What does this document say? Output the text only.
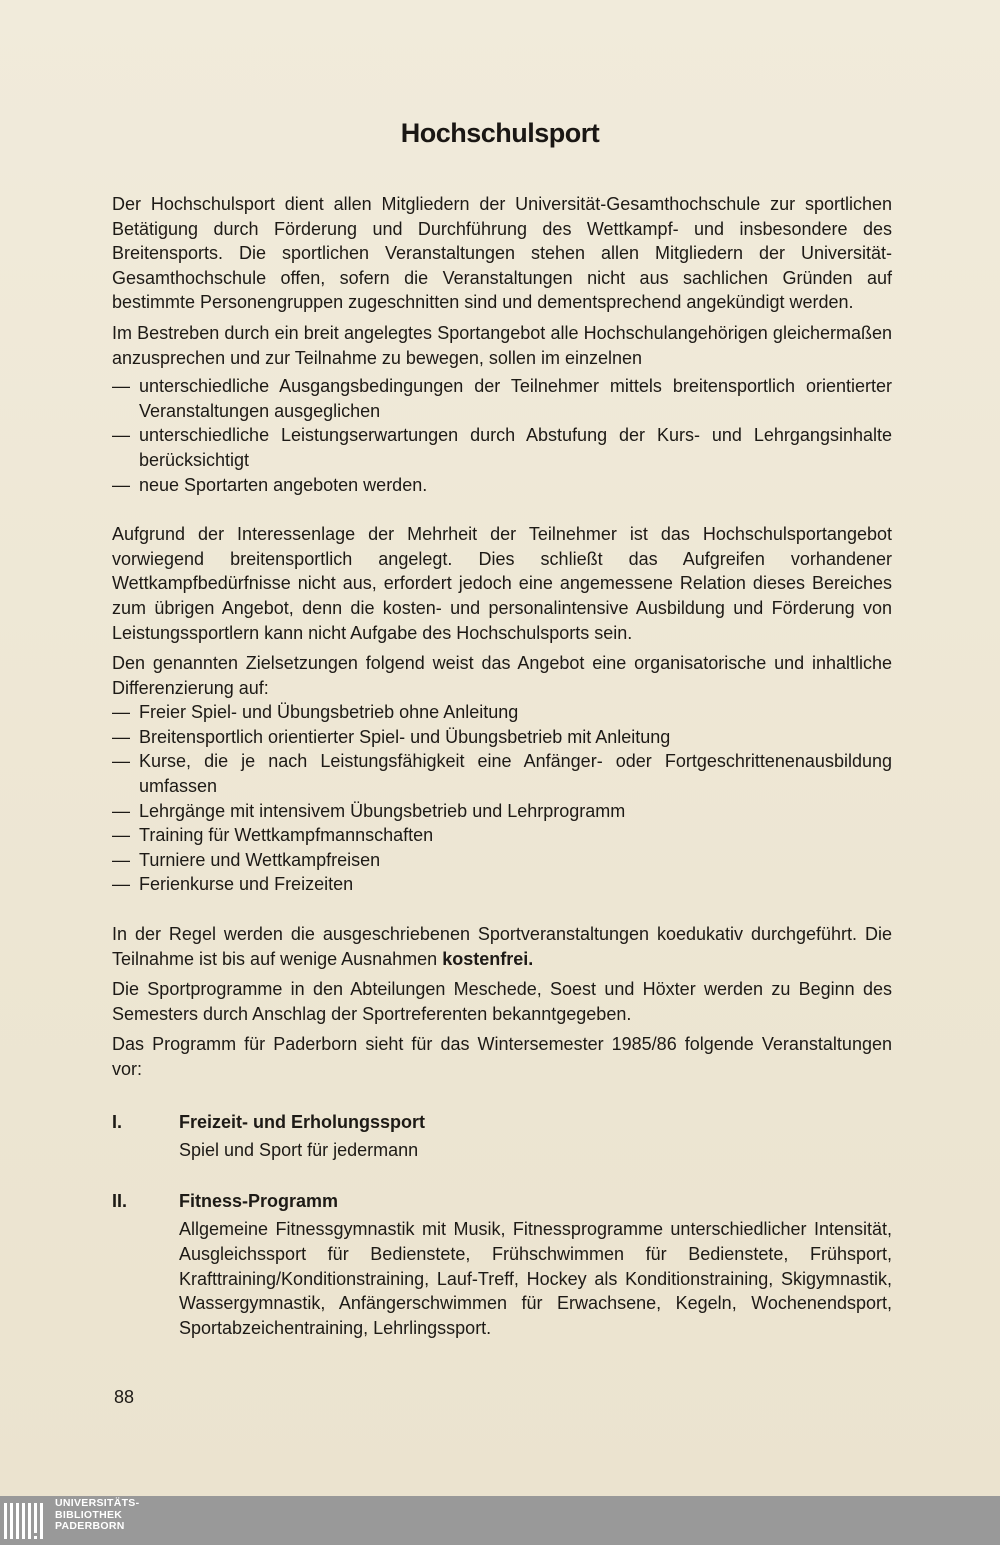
Hochschulsport

Der Hochschulsport dient allen Mitgliedern der Universität-Gesamthochschule zur sportlichen Betätigung durch Förderung und Durchführung des Wettkampf- und insbesondere des Breitensports. Die sportlichen Veranstaltungen stehen allen Mitgliedern der Universität-Gesamthochschule offen, sofern die Veranstaltungen nicht aus sachlichen Gründen auf bestimmte Personengruppen zugeschnitten sind und dementsprechend angekündigt werden.

Im Bestreben durch ein breit angelegtes Sportangebot alle Hochschulangehörigen gleichermaßen anzusprechen und zur Teilnahme zu bewegen, sollen im einzelnen

— unterschiedliche Ausgangsbedingungen der Teilnehmer mittels breitensportlich orientierter Veranstaltungen ausgeglichen
— unterschiedliche Leistungserwartungen durch Abstufung der Kurs- und Lehrgangsinhalte berücksichtigt
— neue Sportarten angeboten werden.

Aufgrund der Interessenlage der Mehrheit der Teilnehmer ist das Hochschulsportangebot vorwiegend breitensportlich angelegt. Dies schließt das Aufgreifen vorhandener Wettkampfbedürfnisse nicht aus, erfordert jedoch eine angemessene Relation dieses Bereiches zum übrigen Angebot, denn die kosten- und personalintensive Ausbildung und Förderung von Leistungssportlern kann nicht Aufgabe des Hochschulsports sein.

Den genannten Zielsetzungen folgend weist das Angebot eine organisatorische und inhaltliche Differenzierung auf:

— Freier Spiel- und Übungsbetrieb ohne Anleitung
— Breitensportlich orientierter Spiel- und Übungsbetrieb mit Anleitung
— Kurse, die je nach Leistungsfähigkeit eine Anfänger- oder Fortgeschrittenenausbildung umfassen
— Lehrgänge mit intensivem Übungsbetrieb und Lehrprogramm
— Training für Wettkampfmannschaften
— Turniere und Wettkampfreisen
— Ferienkurse und Freizeiten

In der Regel werden die ausgeschriebenen Sportveranstaltungen koedukativ durchgeführt. Die Teilnahme ist bis auf wenige Ausnahmen kostenfrei.

Die Sportprogramme in den Abteilungen Meschede, Soest und Höxter werden zu Beginn des Semesters durch Anschlag der Sportreferenten bekanntgegeben.

Das Programm für Paderborn sieht für das Wintersemester 1985/86 folgende Veranstaltungen vor:

I.	Freizeit- und Erholungssport
Spiel und Sport für jedermann
II.	Fitness-Programm
Allgemeine Fitnessgymnastik mit Musik, Fitnessprogramme unterschiedlicher Intensität, Ausgleichssport für Bedienstete, Frühschwimmen für Bedienstete, Frühsport, Krafttraining/Konditionstraining, Lauf-Treff, Hockey als Konditionstraining, Skigymnastik, Wassergymnastik, Anfängerschwimmen für Erwachsene, Kegeln, Wochenendsport, Sportabzeichentraining, Lehrlingssport.
88
UNIVERSITÄTS-
BIBLIOTHEK
PADERBORN
